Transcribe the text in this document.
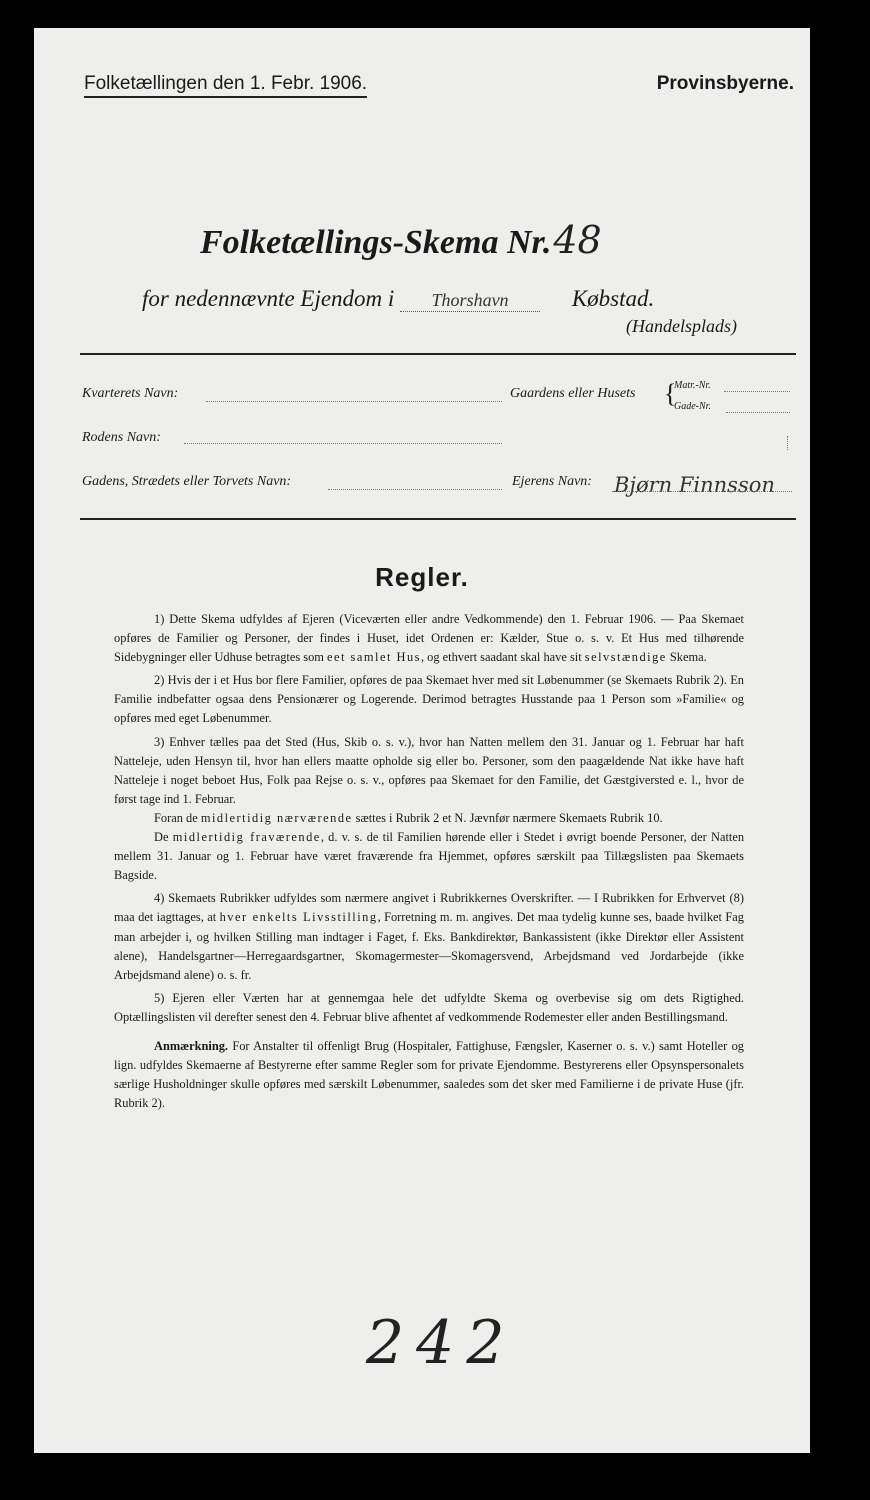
Folketællingen den 1. Febr. 1906.	Provinsbyerne.
Folketællings-Skema Nr.48
for nedennævnte Ejendom i Thorshavn	Købstad.
(Handelsplads)
Kvarterets Navn:	Gaardens eller Husets {
Matr.-Nr.
Gade-Nr.
Rodens Navn:
Gadens, Strædets eller Torvets Navn:	Ejerens Navn: Bjørn Finnsson
Regler.

1) Dette Skema udfyldes af Ejeren (Viceværten eller andre Vedkommende) den 1. Februar 1906. — Paa Skemaet opføres de Familier og Personer, der findes i Huset, idet Ordenen er: Kælder, Stue o. s. v. Et Hus med tilhørende Sidebygninger eller Udhuse betragtes som eet samlet Hus, og ethvert saadant skal have sit selvstændige Skema.

2) Hvis der i et Hus bor flere Familier, opføres de paa Skemaet hver med sit Løbenummer (se Skemaets Rubrik 2). En Familie indbefatter ogsaa dens Pensionærer og Logerende. Derimod betragtes Husstande paa 1 Person som »Familie« og opføres med eget Løbenummer.

3) Enhver tælles paa det Sted (Hus, Skib o. s. v.), hvor han Natten mellem den 31. Januar og 1. Februar har haft Natteleje, uden Hensyn til, hvor han ellers maatte opholde sig eller bo. Personer, som den paagældende Nat ikke have haft Natteleje i noget beboet Hus, Folk paa Rejse o. s. v., opføres paa Skemaet for den Familie, det Gæstgiversted e. l., hvor de først tage ind 1. Februar.

Foran de midlertidig nærværende sættes i Rubrik 2 et N. Jævnfør nærmere Skemaets Rubrik 10.

De midlertidig fraværende, d. v. s. de til Familien hørende eller i Stedet i øvrigt boende Personer, der Natten mellem 31. Januar og 1. Februar have været fraværende fra Hjemmet, opføres særskilt paa Tillægslisten paa Skemaets Bagside.

4) Skemaets Rubrikker udfyldes som nærmere angivet i Rubrikkernes Overskrifter. — I Rubrikken for Erhvervet (8) maa det iagttages, at hver enkelts Livsstilling, Forretning m. m. angives. Det maa tydelig kunne ses, baade hvilket Fag man arbejder i, og hvilken Stilling man indtager i Faget, f. Eks. Bankdirektør, Bankassistent (ikke Direktør eller Assistent alene), Handelsgartner—Herregaardsgartner, Skomagermester—Skomagersvend, Arbejdsmand ved Jordarbejde (ikke Arbejdsmand alene) o. s. fr.

5) Ejeren eller Værten har at gennemgaa hele det udfyldte Skema og overbevise sig om dets Rigtighed. Optællingslisten vil derefter senest den 4. Februar blive afhentet af vedkommende Rodemester eller anden Bestillingsmand.

Anmærkning. For Anstalter til offenligt Brug (Hospitaler, Fattighuse, Fængsler, Kaserner o. s. v.) samt Hoteller og lign. udfyldes Skemaerne af Bestyrerne efter samme Regler som for private Ejendomme. Bestyrerens eller Opsynspersonalets særlige Husholdninger skulle opføres med særskilt Løbenummer, saaledes som det sker med Familierne i de private Huse (jfr. Rubrik 2).

242
